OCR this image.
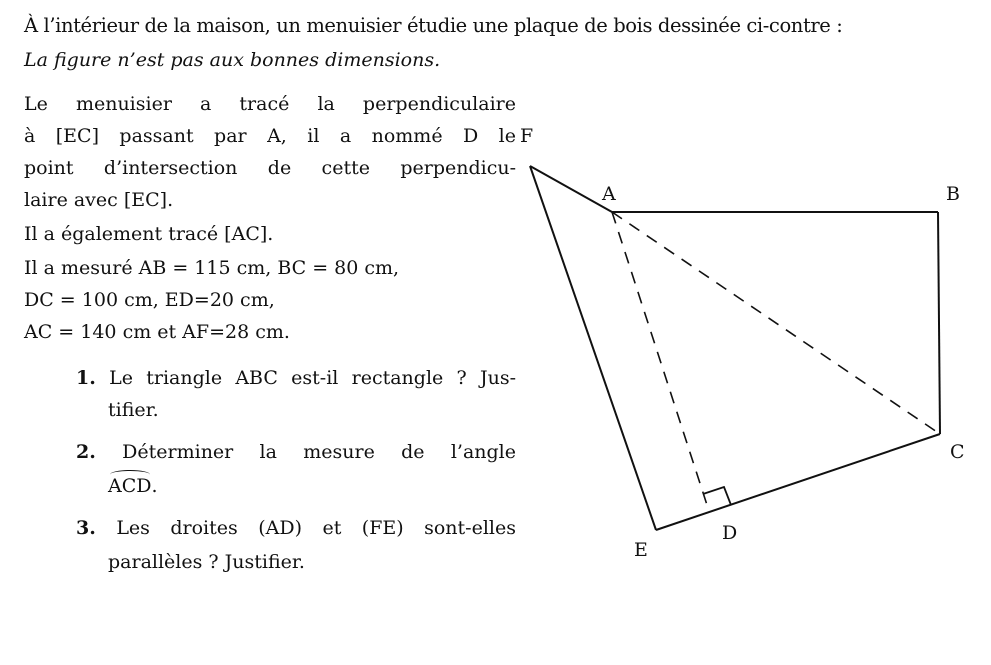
À l’intérieur de la maison, un menuisier étudie une plaque de bois dessinée ci-contre :
La figure n’est pas aux bonnes dimensions.
Le menuisier a tracé la perpendiculaire
à [EC] passant par A, il a nommé D le
point d’intersection de cette perpendicu-
laire avec [EC].
Il a également tracé [AC].
Il a mesuré AB = 115 cm, BC = 80 cm,
DC = 100 cm, ED=20 cm,
AC = 140 cm et AF=28 cm.
1. Le triangle ABC est-il rectangle ? Jus-
tifier.
2. Déterminer la mesure de l’angle
ACD.
3. Les droites (AD) et (FE) sont-elles
parallèles ? Justifier.
F
A	B
C
D
E
